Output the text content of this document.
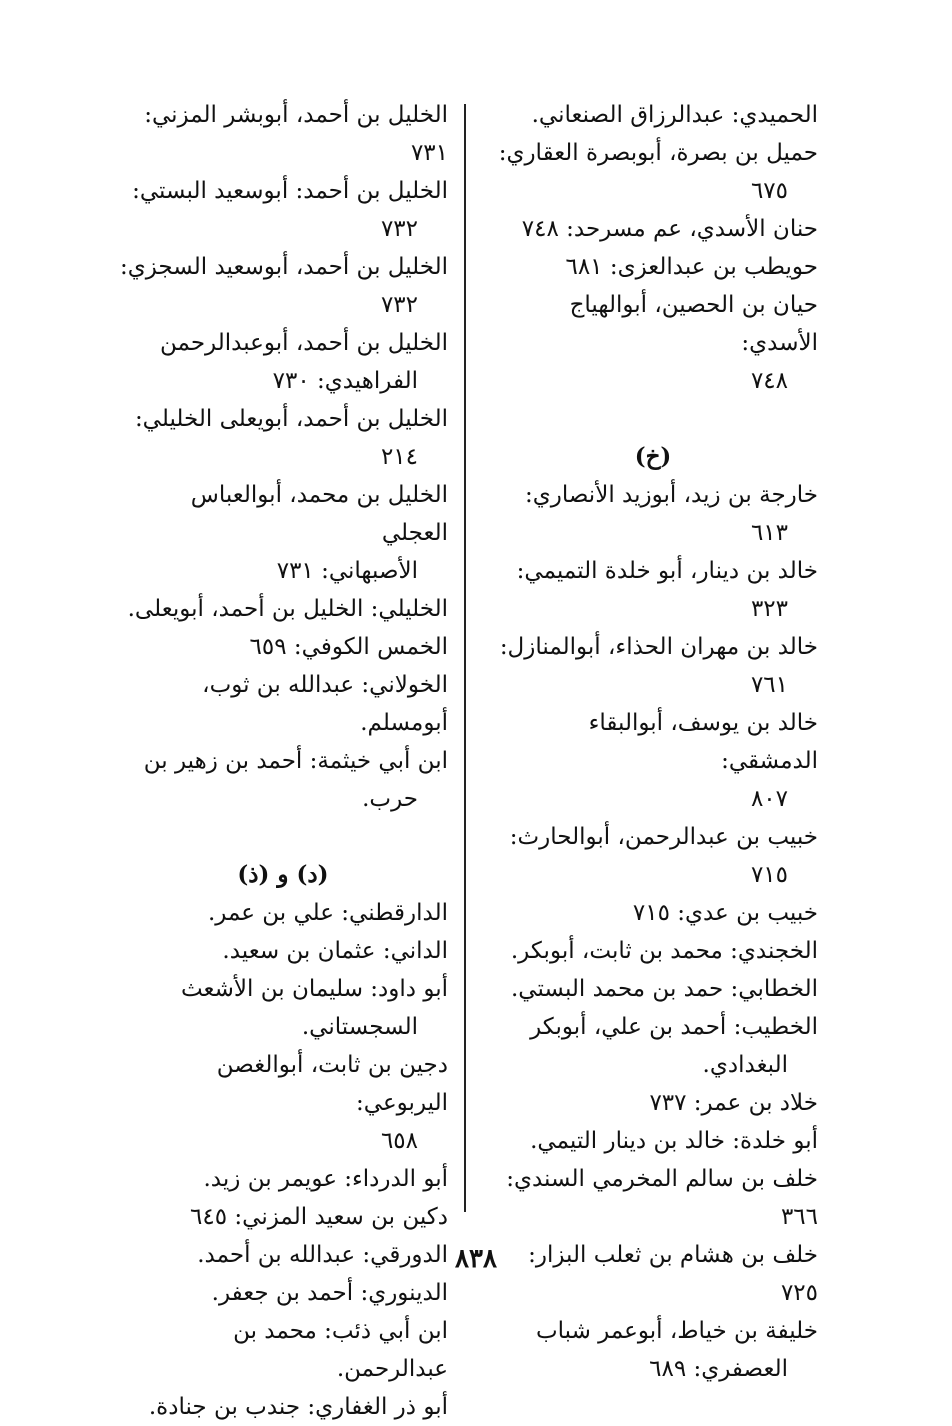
الحميدي: عبدالرزاق الصنعاني.
حميل بن بصرة، أبوبصرة العقاري:
٦٧٥
حنان الأسدي، عم مسرحد: ٧٤٨
حويطب بن عبدالعزى: ٦٨١
حيان بن الحصين، أبوالهياج الأسدي:
٧٤٨
(خ)
خارجة بن زيد، أبوزيد الأنصاري:
٦١٣
خالد بن دينار، أبو خلدة التميمي:
٣٢٣
خالد بن مهران الحذاء، أبوالمنازل:
٧٦١
خالد بن يوسف، أبوالبقاء الدمشقي:
٨٠٧
خبيب بن عبدالرحمن، أبوالحارث:
٧١٥
خبيب بن عدي: ٧١٥
الخجندي: محمد بن ثابت، أبوبكر.
الخطابي: حمد بن محمد البستي.
الخطيب: أحمد بن علي، أبوبكر
البغدادي.
خلاد بن عمر: ٧٣٧
أبو خلدة: خالد بن دينار التيمي.
خلف بن سالم المخرمي السندي: ٣٦٦
خلف بن هشام بن ثعلب البزار: ٧٢٥
خليفة بن خياط، أبوعمر شباب
العصفري: ٦٨٩
الخليل بن أحمد، أبوبشر المزني: ٧٣١
الخليل بن أحمد: أبوسعيد البستي:
٧٣٢
الخليل بن أحمد، أبوسعيد السجزي:
٧٣٢
الخليل بن أحمد، أبوعبدالرحمن
الفراهيدي: ٧٣٠
الخليل بن أحمد، أبويعلى الخليلي:
٢١٤
الخليل بن محمد، أبوالعباس العجلي
الأصبهاني: ٧٣١
الخليلي: الخليل بن أحمد، أبويعلى.
الخمس الكوفي: ٦٥٩
الخولاني: عبدالله بن ثوب، أبومسلم.
ابن أبي خيثمة: أحمد بن زهير بن
حرب.
(د) و (ذ)
الدارقطني: علي بن عمر.
الداني: عثمان بن سعيد.
أبو داود: سليمان بن الأشعث
السجستاني.
دجين بن ثابت، أبوالغصن اليربوعي:
٦٥٨
أبو الدرداء: عويمر بن زيد.
دكين بن سعيد المزني: ٦٤٥
الدورقي: عبدالله بن أحمد.
الدينوري: أحمد بن جعفر.
ابن أبي ذئب: محمد بن عبدالرحمن.
أبو ذر الغفاري: جندب بن جنادة.
٨٣٨
